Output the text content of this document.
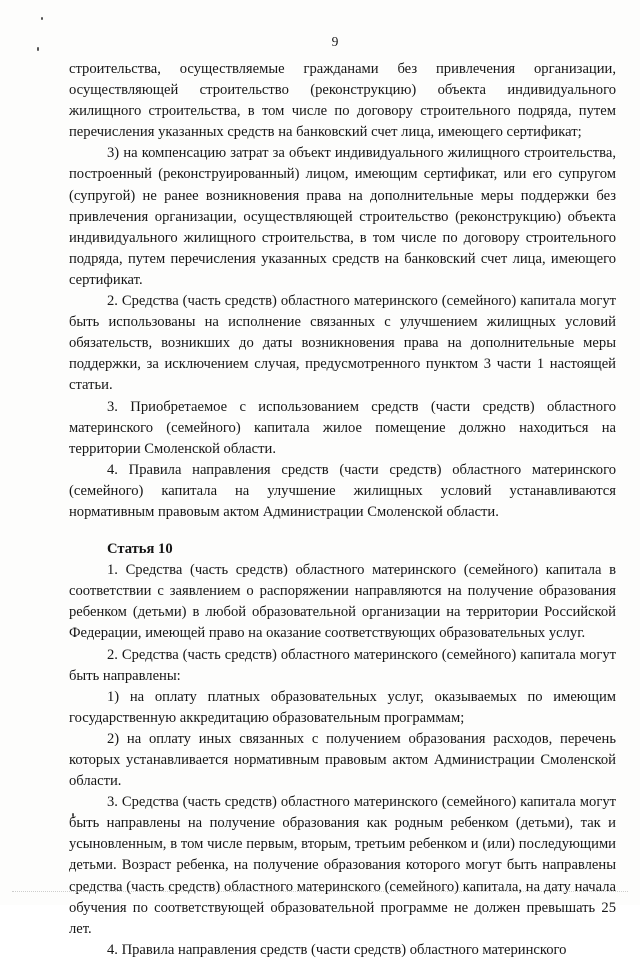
9

строительства, осуществляемые гражданами без привлечения организации, осуществляющей строительство (реконструкцию) объекта индивидуального жилищного строительства, в том числе по договору строительного подряда, путем перечисления указанных средств на банковский счет лица, имеющего сертификат;

3) на компенсацию затрат за объект индивидуального жилищного строительства, построенный (реконструированный) лицом, имеющим сертификат, или его супругом (супругой) не ранее возникновения права на дополнительные меры поддержки без привлечения организации, осуществляющей строительство (реконструкцию) объекта индивидуального жилищного строительства, в том числе по договору строительного подряда, путем перечисления указанных средств на банковский счет лица, имеющего сертификат.

2. Средства (часть средств) областного материнского (семейного) капитала могут быть использованы на исполнение связанных с улучшением жилищных условий обязательств, возникших до даты возникновения права на дополнительные меры поддержки, за исключением случая, предусмотренного пунктом 3 части 1 настоящей статьи.

3. Приобретаемое с использованием средств (части средств) областного материнского (семейного) капитала жилое помещение должно находиться на территории Смоленской области.

4. Правила направления средств (части средств) областного материнского (семейного) капитала на улучшение жилищных условий устанавливаются нормативным правовым актом Администрации Смоленской области.

Статья 10

1. Средства (часть средств) областного материнского (семейного) капитала в соответствии с заявлением о распоряжении направляются на получение образования ребенком (детьми) в любой образовательной организации на территории Российской Федерации, имеющей право на оказание соответствующих образовательных услуг.

2. Средства (часть средств) областного материнского (семейного) капитала могут быть направлены:

1) на оплату платных образовательных услуг, оказываемых по имеющим государственную аккредитацию образовательным программам;

2) на оплату иных связанных с получением образования расходов, перечень которых устанавливается нормативным правовым актом Администрации Смоленской области.

3. Средства (часть средств) областного материнского (семейного) капитала могут быть направлены на получение образования как родным ребенком (детьми), так и усыновленным, в том числе первым, вторым, третьим ребенком и (или) последующими детьми. Возраст ребенка, на получение образования которого могут быть направлены средства (часть средств) областного материнского (семейного) капитала, на дату начала обучения по соответствующей образовательной программе не должен превышать 25 лет.

4. Правила направления средств (части средств) областного материнского
